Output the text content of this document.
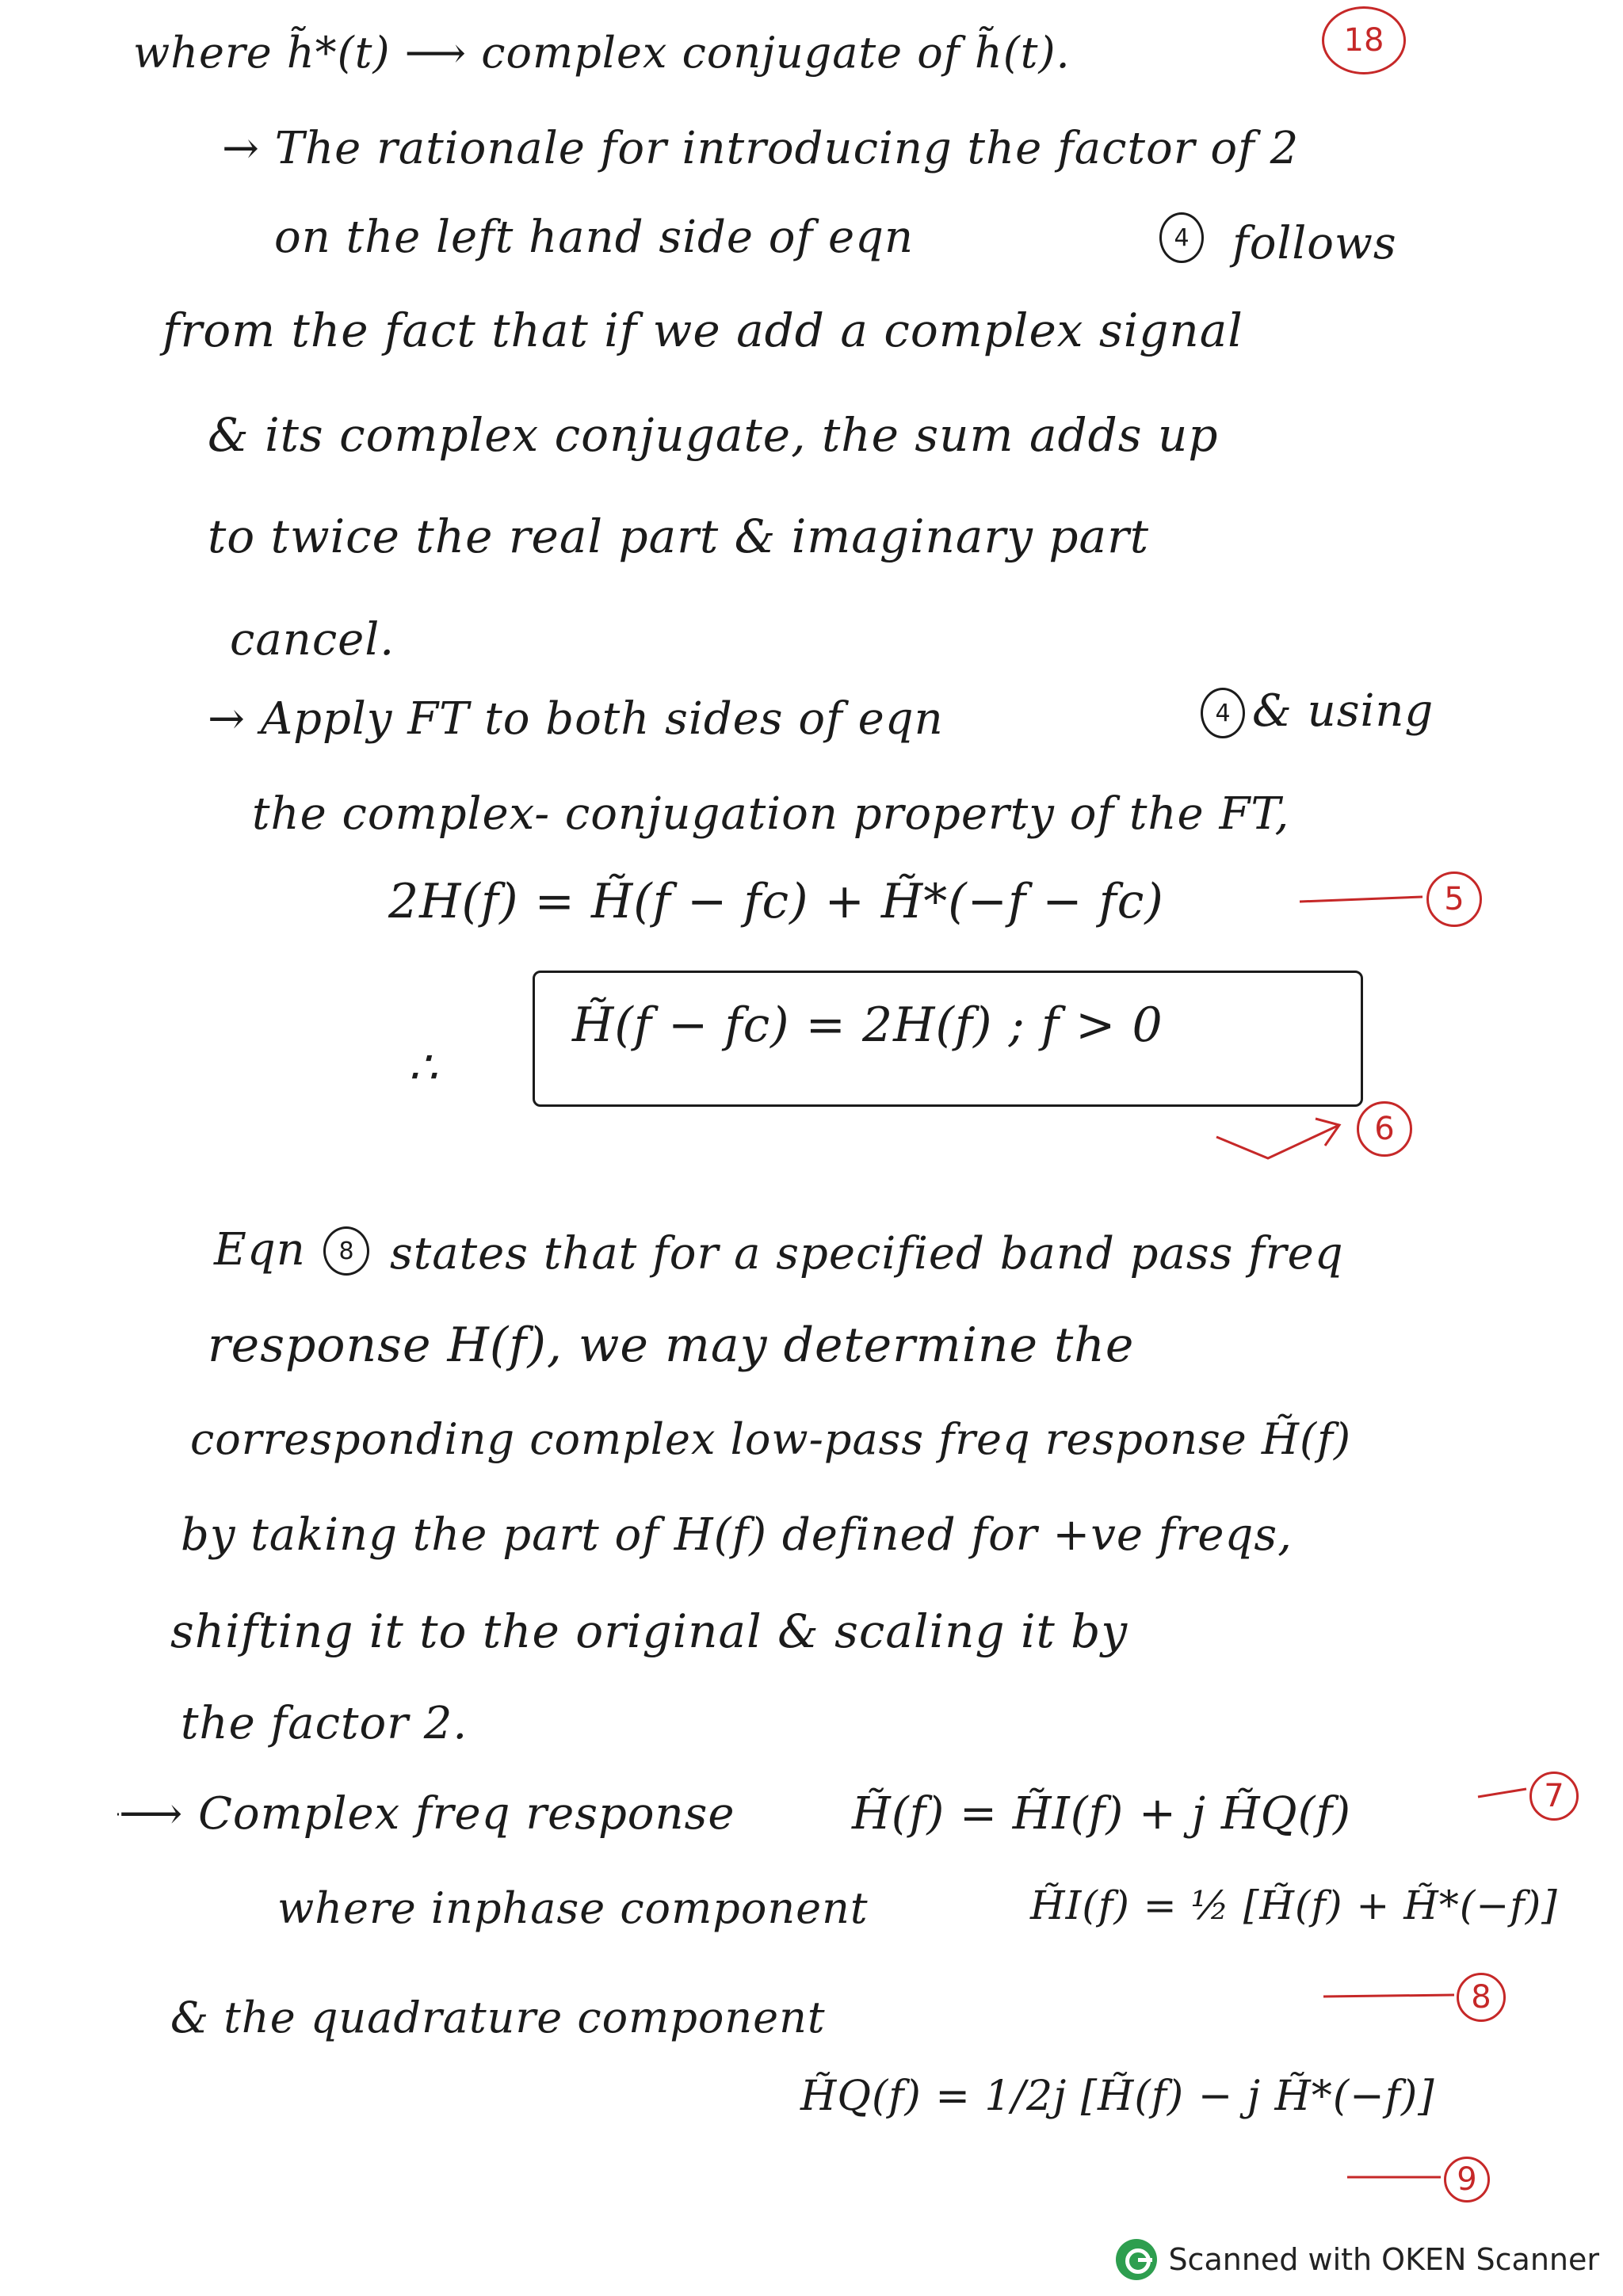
18
where h̃*(t) ⟶ complex conjugate of h̃(t).
→ The rationale for introducing the factor of 2
on the left hand side of eqn	4 follows
from the fact that if we add a complex signal
& its complex conjugate, the sum adds up
to twice the real part & imaginary part
cancel.
→ Apply FT to both sides of eqn	4 & using
the complex- conjugation property of the FT,
2H(f) = H̃(f − fc) + H̃*(−f − fc)	5
∴
H̃(f − fc) = 2H(f) ; f > 0
6
Eqn 8 states that for a specified band pass freq
response H(f), we may determine the
corresponding complex low-pass freq response H̃(f)
by taking the part of H(f) defined for +ve freqs,
shifting it to the original & scaling it by
the factor 2.
⟶ Complex freq response	H̃(f) = H̃I(f) + j H̃Q(f)	7
where inphase component	H̃I(f) = ½ [H̃(f) + H̃*(−f)]
8
& the quadrature component
H̃Q(f) = 1/2j [H̃(f) − j H̃*(−f)]
9
Scanned with OKEN Scanner
